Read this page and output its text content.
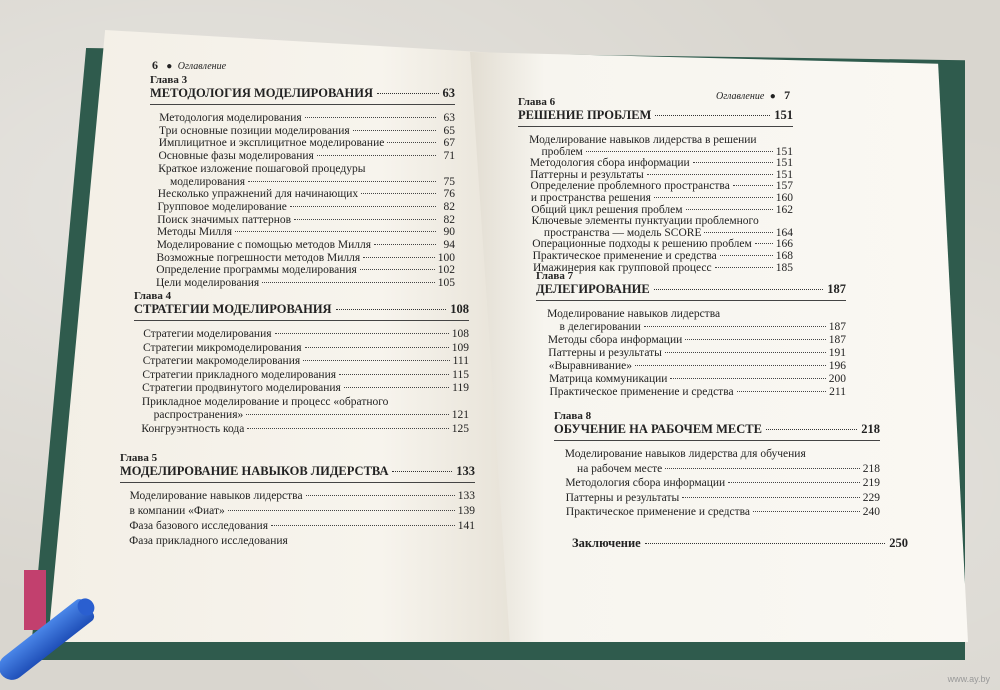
6 ● Оглавление
Глава 3
МЕТОДОЛОГИЯ МОДЕЛИРОВАНИЯ	63
Методология моделирования	63
Три основные позиции моделирования	65
Имплицитное и эксплицитное моделирование	67
Основные фазы моделирования	71
Краткое изложение пошаговой процедуры
моделирования	75
Несколько упражнений для начинающих	76
Групповое моделирование	82
Поиск значимых паттернов	82
Методы Милля	90
Моделирование с помощью методов Милля	94
Возможные погрешности методов Милля	100
Определение программы моделирования	102
Цели моделирования	105
Глава 4
СТРАТЕГИИ МОДЕЛИРОВАНИЯ	108
Стратегии моделирования	108
Стратегии микромоделирования	109
Стратегии макромоделирования	111
Стратегии прикладного моделирования	115
Стратегии продвинутого моделирования	119
Прикладное моделирование и процесс «обратного
распространения»	121
Конгруэнтность кода	125
Глава 5
МОДЕЛИРОВАНИЕ НАВЫКОВ ЛИДЕРСТВА	133
Моделирование навыков лидерства	133
в компании «Фиат»	139
Фаза базового исследования	141
Фаза прикладного исследования
Оглавление ● 7
Глава 6
РЕШЕНИЕ ПРОБЛЕМ	151
Моделирование навыков лидерства в решении
проблем	151
Методология сбора информации	151
Паттерны и результаты	151
Определение проблемного пространства	157
и пространства решения	160
Общий цикл решения проблем	162
Ключевые элементы пунктуации проблемного
пространства — модель SCORE	164
Операционные подходы к решению проблем 166
Практическое применение и средства	168
Имажинерия как групповой процесс	185
Глава 7
ДЕЛЕГИРОВАНИЕ	187
Моделирование навыков лидерства
в делегировании	187
Методы сбора информации	187
Паттерны и результаты	191
«Выравнивание»	196
Матрица коммуникации	200
Практическое применение и средства	211
Глава 8
ОБУЧЕНИЕ НА РАБОЧЕМ МЕСТЕ	218
Моделирование навыков лидерства для обучения
на рабочем месте	218
Методология сбора информации	219
Паттерны и результаты	229
Практическое применение и средства	240
Заключение	250
www.ay.by
